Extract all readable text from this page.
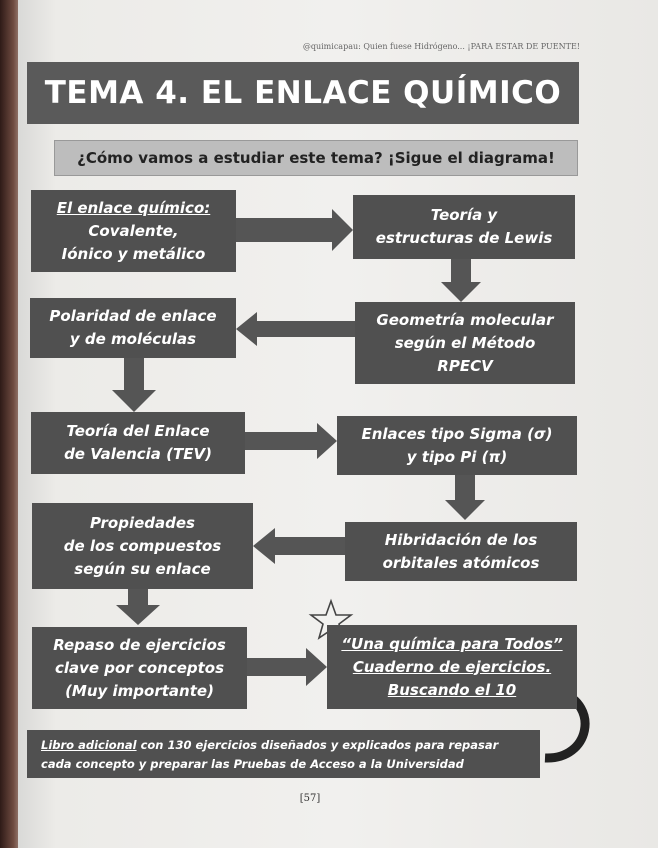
@quimicapau: Quien fuese Hidrógeno... ¡PARA ESTAR DE PUENTE!
TEMA 4. EL ENLACE QUÍMICO
¿Cómo vamos a estudiar este tema? ¡Sigue el diagrama!
El enlace químico:
Covalente,
Iónico y metálico
Teoría y
estructuras de Lewis
Geometría molecular
según el Método
RPECV
Polaridad de enlace
y de moléculas
Teoría del Enlace
de Valencia (TEV)
Enlaces tipo Sigma (σ)
y tipo Pi (π)
Hibridación de los
orbitales atómicos
Propiedades
de los compuestos
según su enlace
Repaso de ejercicios
clave por conceptos
(Muy importante)
“Una química para Todos”
Cuaderno de ejercicios.
Buscando el 10
Libro adicional con 130 ejercicios diseñados y explicados para repasar
cada concepto y preparar las Pruebas de Acceso a la Universidad
[57]
